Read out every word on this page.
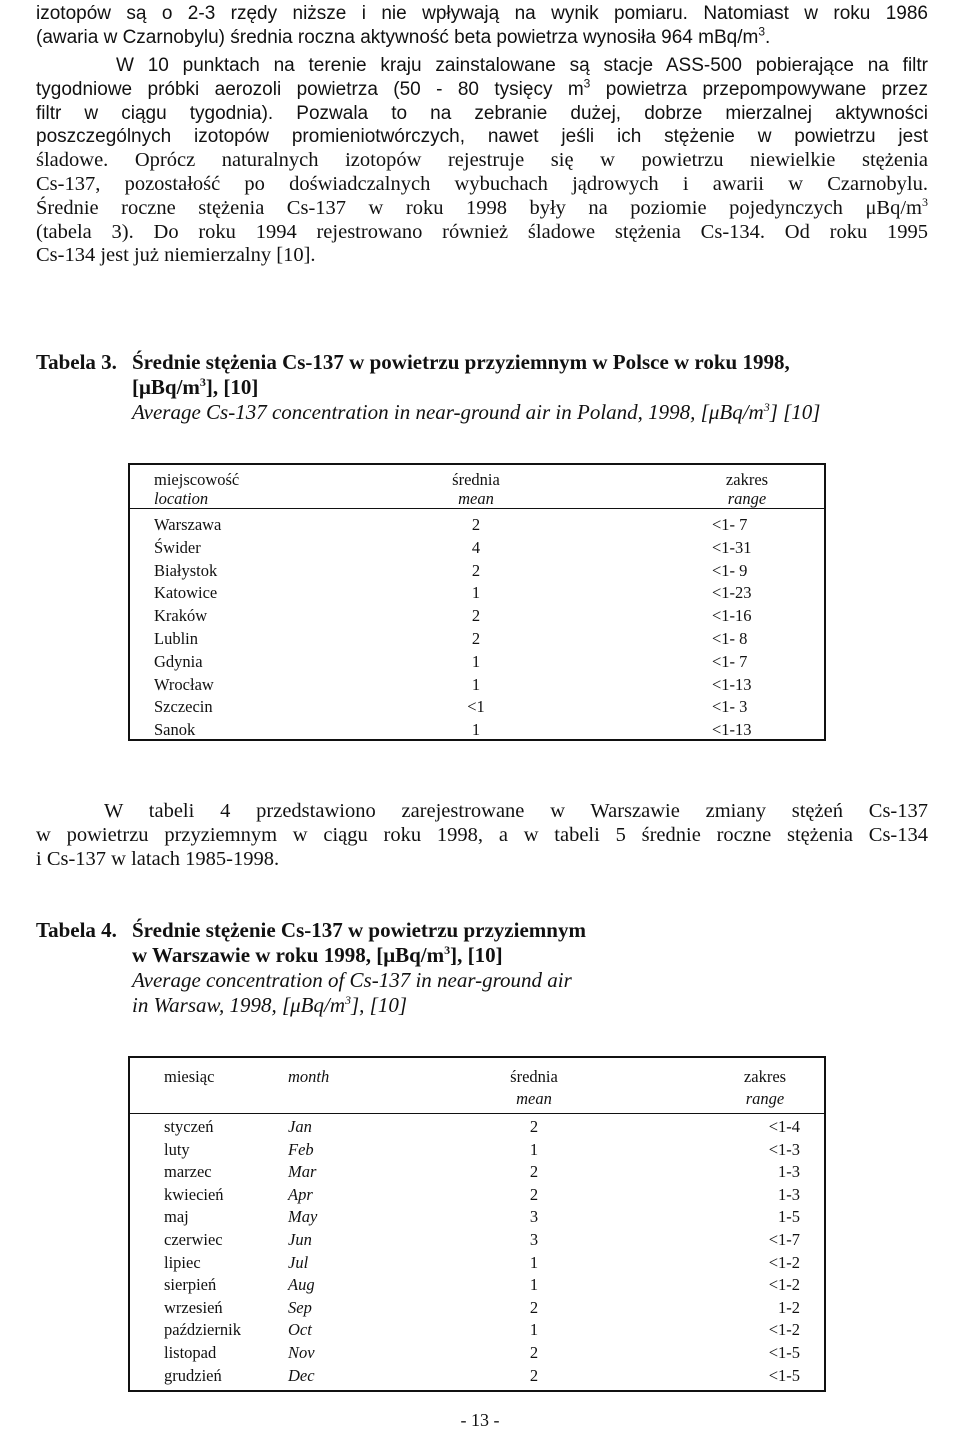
izotopów są o 2-3 rzędy niższe i nie wpływają na wynik pomiaru. Natomiast w roku 1986
(awaria w Czarnobylu) średnia roczna aktywność beta powietrza wynosiła 964 mBq/$m^3$.
W 10 punktach na terenie kraju zainstalowane są stacje ASS-500 pobierające na filtr
tygodniowe próbki aerozoli powietrza (50 - 80 tysięcy $m^3$ powietrza przepompowywane przez
filtr w ciągu tygodnia). Pozwala to na zebranie dużej, dobrze mierzalnej aktywności
poszczególnych izotopów promieniotwórczych, nawet jeśli ich stężenie w powietrzu jest
śladowe. Oprócz naturalnych izotopów rejestruje się w powietrzu niewielkie stężenia
Cs-137, pozostałość po doświadczalnych wybuchach jądrowych i awarii w Czarnobylu.
Średnie roczne stężenia Cs-137 w roku 1998 były na poziomie pojedynczych μBq/$m^3$
(tabela 3). Do roku 1994 rejestrowano również śladowe stężenia Cs-134. Od roku 1995
Cs-134 jest już niemierzalny [10].
Tabela 3. Średnie stężenia Cs-137 w powietrzu przyziemnym w Polsce w roku 1998,
$[\mu Bq/m^3]$, [10]
Average Cs-137 concentration in near-ground air in Poland, 1998, $[\mu Bq/m^3]$ [10]
miejscowość	średnia	zakres
location	mean	range
Warszawa	2	<1- 7
Świder	4	<1-31
Białystok	2	<1- 9
Katowice	1	<1-23
Kraków	2	<1-16
Lublin	2	<1- 8
Gdynia	1	<1- 7
Wrocław	1	<1-13
Szczecin	<1	<1- 3
Sanok	1	<1-13
W tabeli 4 przedstawiono zarejestrowane w Warszawie zmiany stężeń Cs-137
w powietrzu przyziemnym w ciągu roku 1998, a w tabeli 5 średnie roczne stężenia Cs-134
i Cs-137 w latach 1985-1998.
Tabela 4. Średnie stężenie Cs-137 w powietrzu przyziemnym
w Warszawie w roku 1998, $[\mu Bq/m^3]$, [10]
Average concentration of Cs-137 in near-ground air
in Warsaw, 1998, $[\mu Bq/m^3]$, [10]
miesiąc	month	średnia	zakres
mean	range
styczeń	Jan	2	<1-4
luty	Feb	1	<1-3
marzec	Mar	2	1-3
kwiecień	Apr	2	1-3
maj	May	3	1-5
czerwiec	Jun	3	<1-7
lipiec	Jul	1	<1-2
sierpień	Aug	1	<1-2
wrzesień	Sep	2	1-2
październik	Oct	1	<1-2
listopad	Nov	2	<1-5
grudzień	Dec	2	<1-5
- 13 -
